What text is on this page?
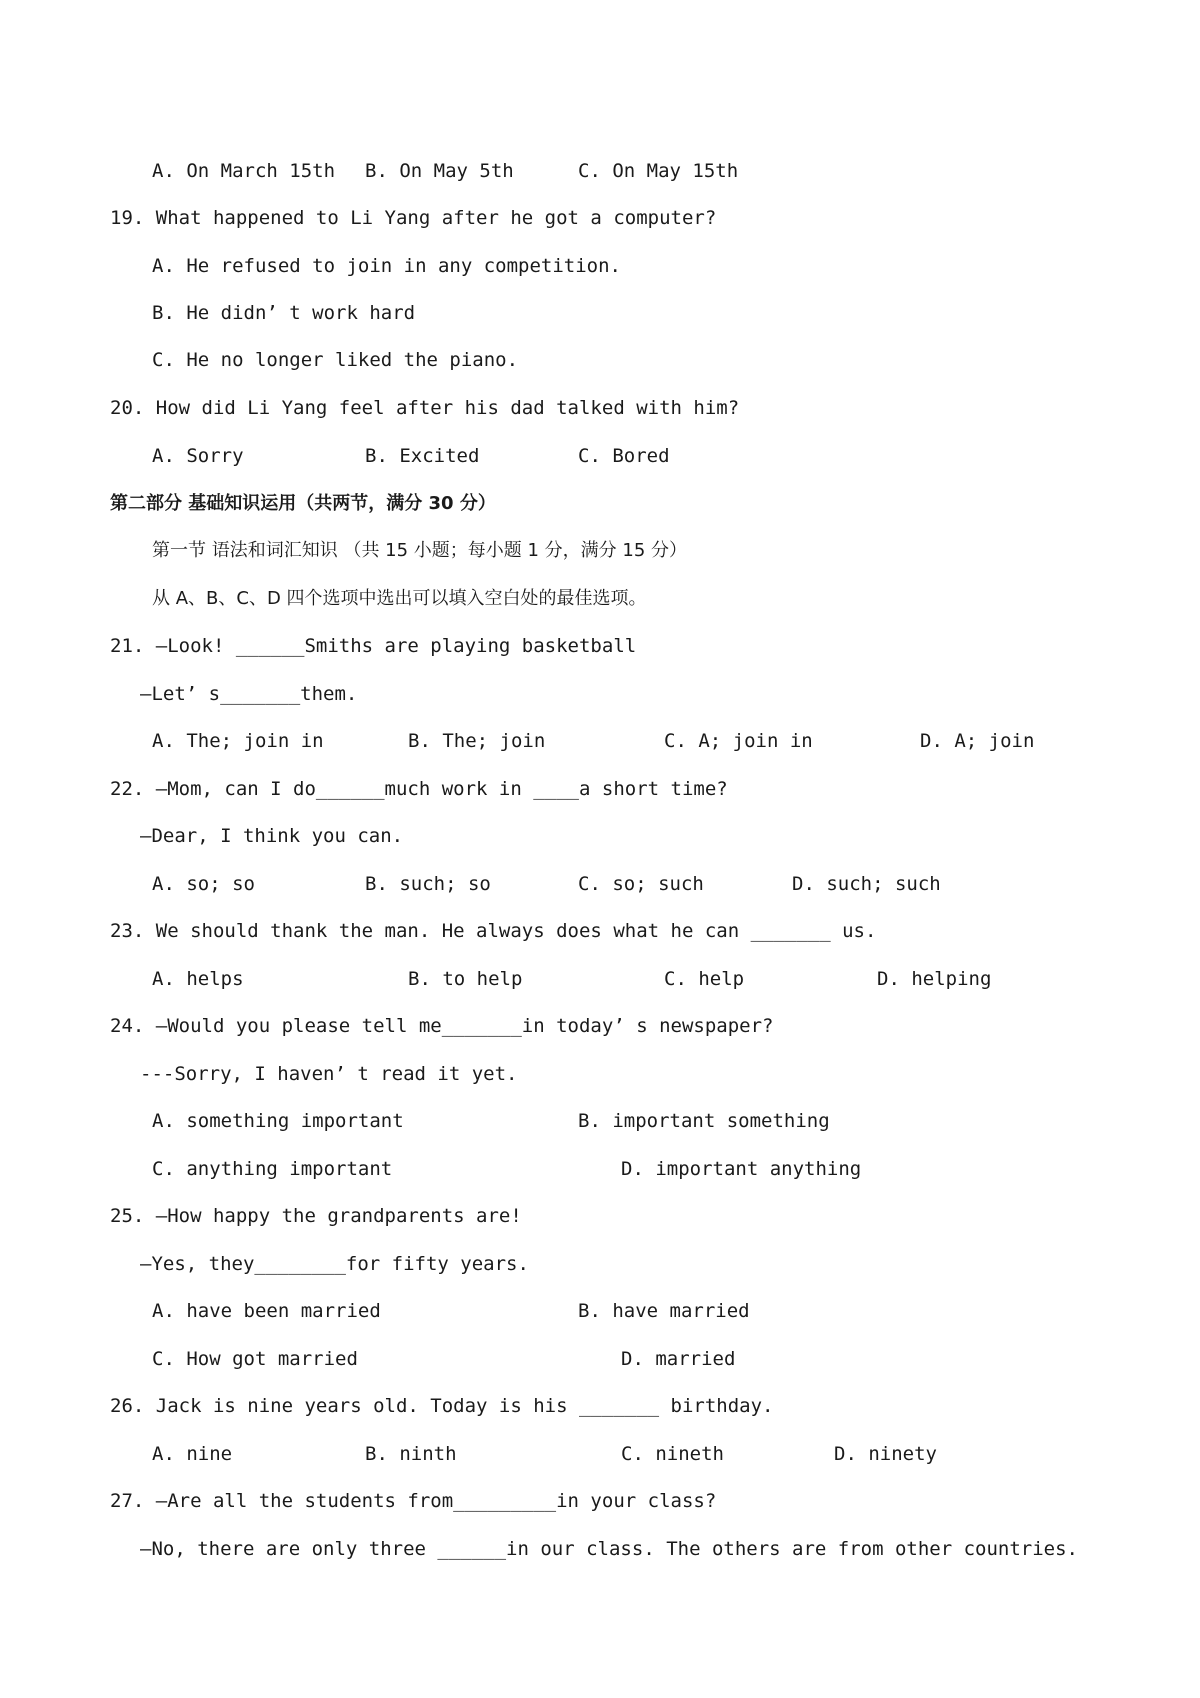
A. On March 15th B. On May 5th	C. On May 15th
19. What happened to Li Yang after he got a computer?
A. He refused to join in any competition.
B. He didn’ t work hard
C. He no longer liked the piano.
20. How did Li Yang feel after his dad talked with him?
A. Sorry	B. Excited	C. Bored
第二部分 基础知识运用（共两节，满分 30 分）
第一节 语法和词汇知识 （共 15 小题；每小题 1 分，满分 15 分）
从 A、B、C、D 四个选项中选出可以填入空白处的最佳选项。
21. —Look! ______Smiths are playing basketball
—Let’ s_______them.
A. The; join in	B. The; join	C. A; join in	D. A; join
22. —Mom, can I do______much work in ____a short time?
—Dear, I think you can.
A. so; so	B. such; so	C. so; such	D. such; such
23. We should thank the man. He always does what he can _______ us.
A. helps	B. to help	C. help	D. helping
24. —Would you please tell me_______in today’ s newspaper?
---Sorry, I haven’ t read it yet.
A. something important	B. important something
C. anything important	D. important anything
25. —How happy the grandparents are!
—Yes, they________for fifty years.
A. have been married	B. have married
C. How got married	D. married
26. Jack is nine years old. Today is his _______ birthday.
A. nine	B. ninth	C. nineth	D. ninety
27. —Are all the students from_________in your class?
—No, there are only three ______in our class. The others are from other countries.
